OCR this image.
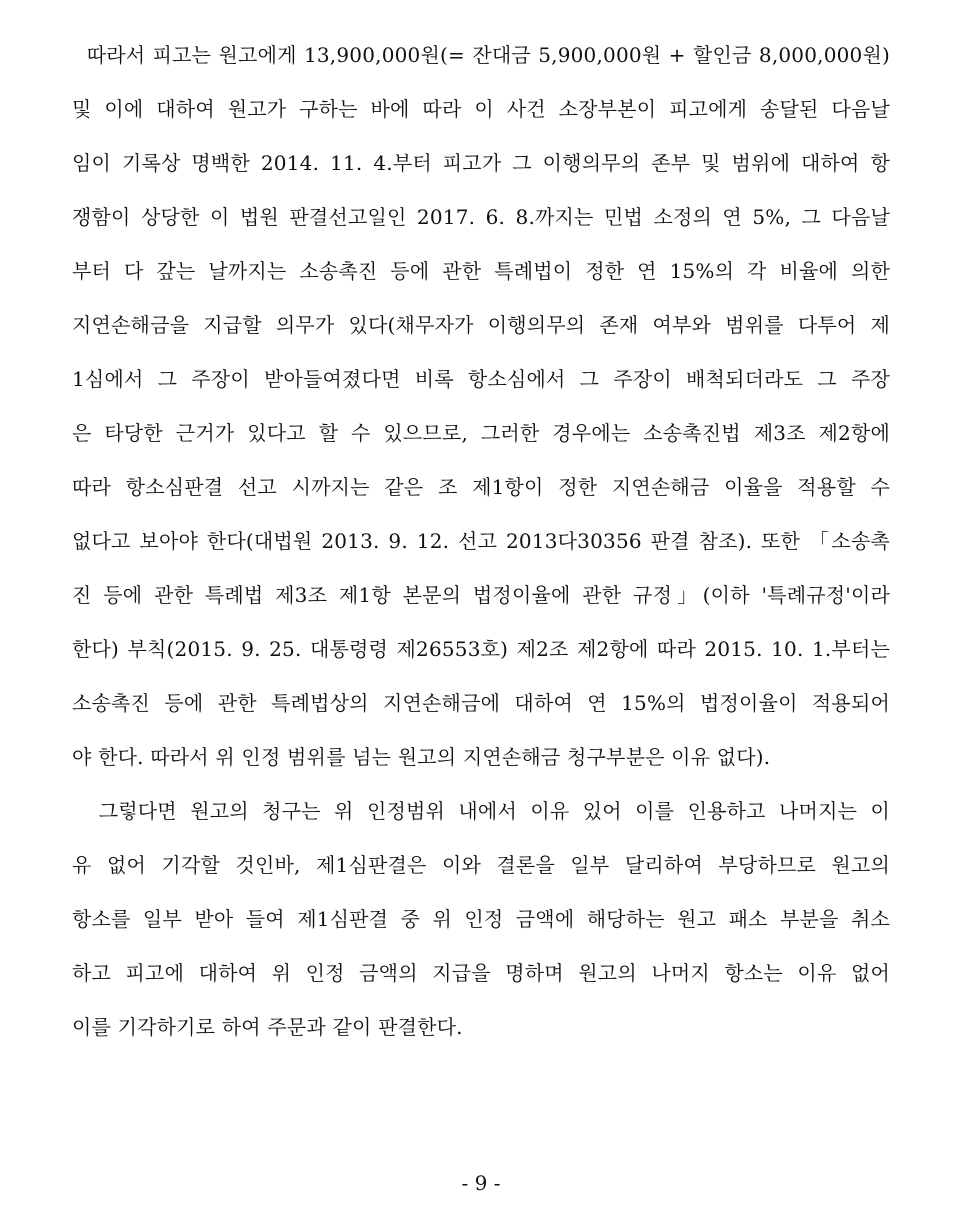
따라서 피고는 원고에게 13,900,000원(= 잔대금 5,900,000원 + 할인금 8,000,000원)
및 이에 대하여 원고가 구하는 바에 따라 이 사건 소장부본이 피고에게 송달된 다음날
임이 기록상 명백한 2014. 11. 4.부터 피고가 그 이행의무의 존부 및 범위에 대하여 항
쟁함이 상당한 이 법원 판결선고일인 2017. 6. 8.까지는 민법 소정의 연 5%, 그 다음날
부터 다 갚는 날까지는 소송촉진 등에 관한 특례법이 정한 연 15%의 각 비율에 의한
지연손해금을 지급할 의무가 있다(채무자가 이행의무의 존재 여부와 범위를 다투어 제
1심에서 그 주장이 받아들여졌다면 비록 항소심에서 그 주장이 배척되더라도 그 주장
은 타당한 근거가 있다고 할 수 있으므로, 그러한 경우에는 소송촉진법 제3조 제2항에
따라 항소심판결 선고 시까지는 같은 조 제1항이 정한 지연손해금 이율을 적용할 수
없다고 보아야 한다(대법원 2013. 9. 12. 선고 2013다30356 판결 참조). 또한 「소송촉
진 등에 관한 특례법 제3조 제1항 본문의 법정이율에 관한 규정」(이하 '특례규정'이라
한다) 부칙(2015. 9. 25. 대통령령 제26553호) 제2조 제2항에 따라 2015. 10. 1.부터는
소송촉진 등에 관한 특례법상의 지연손해금에 대하여 연 15%의 법정이율이 적용되어
야 한다. 따라서 위 인정 범위를 넘는 원고의 지연손해금 청구부분은 이유 없다).
그렇다면 원고의 청구는 위 인정범위 내에서 이유 있어 이를 인용하고 나머지는 이
유 없어 기각할 것인바, 제1심판결은 이와 결론을 일부 달리하여 부당하므로 원고의
항소를 일부 받아 들여 제1심판결 중 위 인정 금액에 해당하는 원고 패소 부분을 취소
하고 피고에 대하여 위 인정 금액의 지급을 명하며 원고의 나머지 항소는 이유 없어
이를 기각하기로 하여 주문과 같이 판결한다.
- 9 -
